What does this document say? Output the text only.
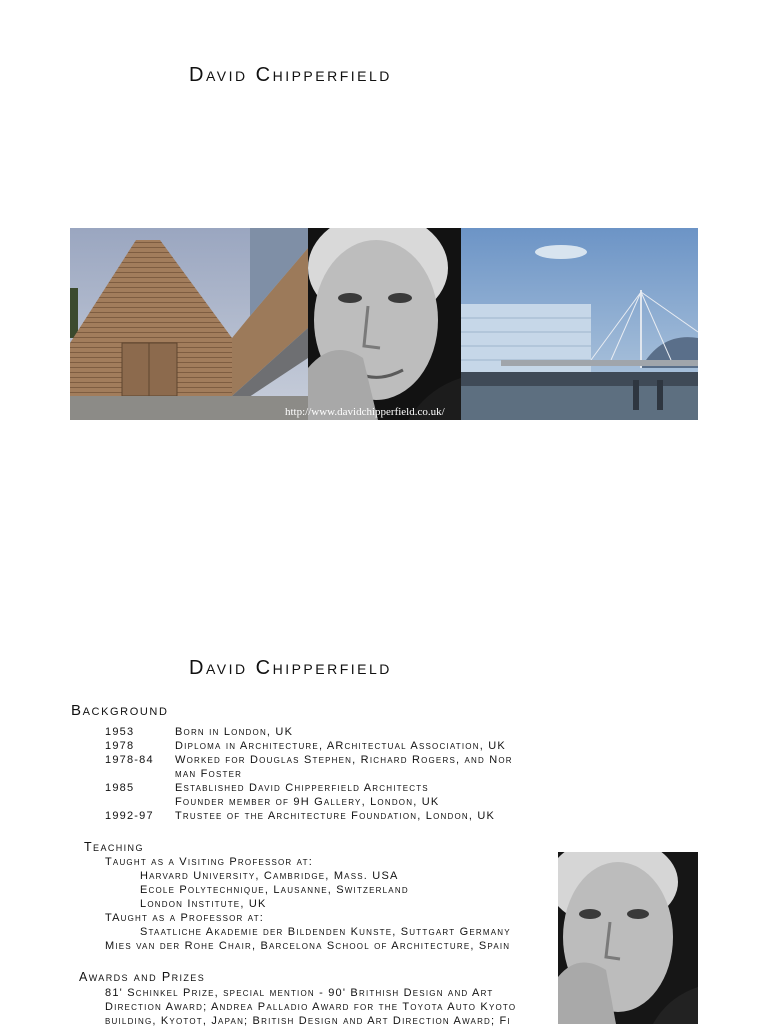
David Chipperfield
http://www.davidchipperfield.co.uk/
David Chipperfield
Background
1953	Born in London, UK
1978	Diploma in Architecture, ARchitectual Association, UK
1978-84 Worked for Douglas Stephen, Richard Rogers, and Nor
man Foster
1985	Established David Chipperfield Architects
Founder member of 9H Gallery, London, UK
1992-97 Trustee of the Architecture Foundation, London, UK
Teaching
Taught as a Visiting Professor at:
Harvard University, Cambridge, Mass. USA
Ecole Polytechnique, Lausanne, Switzerland
London Institute, UK
TAught as a Professor at:
Staatliche Akademie der Bildenden Kunste, Suttgart Germany
Mies van der Rohe Chair, Barcelona School of Architecture, Spain
Awards and Prizes
81' Schinkel Prize, special mention - 90' Brithish Design and Art
Direction Award; Andrea Palladio Award for the Toyota Auto Kyoto
building, Kyotot, Japan; British Design and Art Direction Award; Fi
